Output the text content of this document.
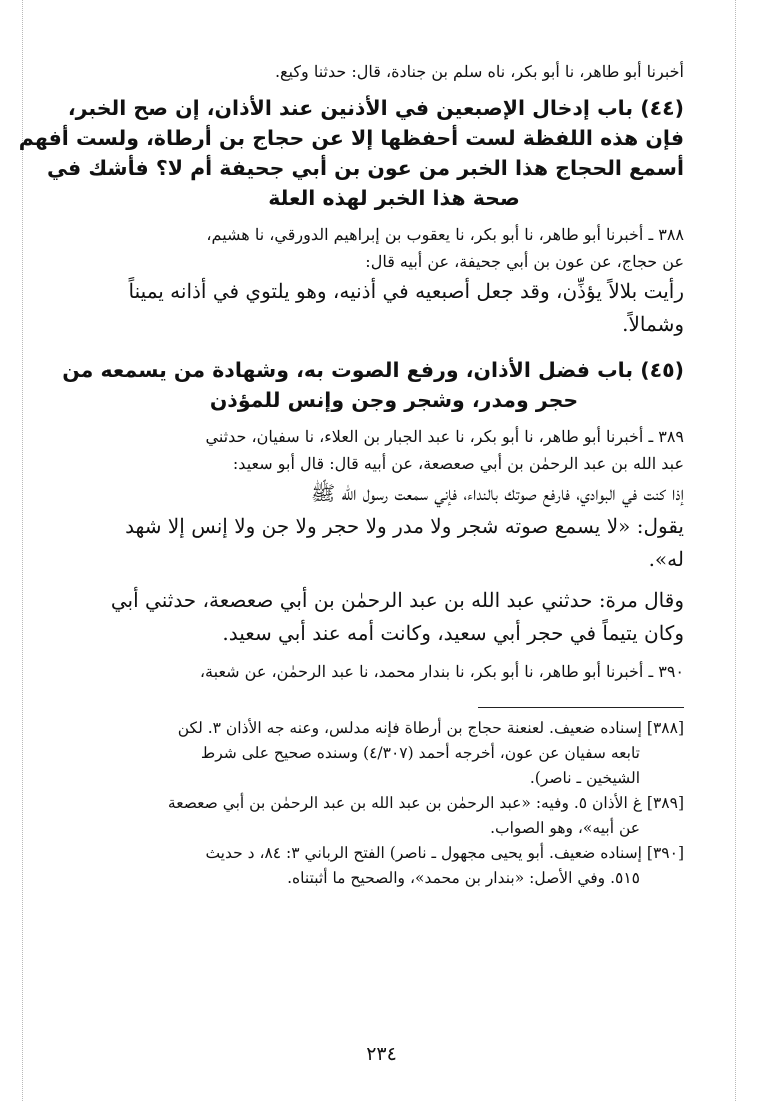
أخبرنا أبو طاهر، نا أبو بكر، ناه سلم بن جنادة، قال: حدثنا وكيع.
(٤٤) باب إدخال الإصبعين في الأذنين عند الأذان، إن صح الخبر،
فإن هذه اللفظة لست أحفظها إلا عن حجاج بن أرطاة، ولست أفهم
أسمع الحجاج هذا الخبر من عون بن أبي جحيفة أم لا؟ فأشك في
صحة هذا الخبر لهذه العلة
٣٨٨ ـ أخبرنا أبو طاهر، نا أبو بكر، نا يعقوب بن إبراهيم الدورقي، نا هشيم،
عن حجاج، عن عون بن أبي جحيفة، عن أبيه قال:
رأيت بلالاً يؤذِّن، وقد جعل أصبعيه في أذنيه، وهو يلتوي في أذانه يميناً
وشمالاً.
(٤٥) باب فضل الأذان، ورفع الصوت به، وشهادة من يسمعه من
حجر ومدر، وشجر وجن وإنس للمؤذن
٣٨٩ ـ أخبرنا أبو طاهر، نا أبو بكر، نا عبد الجبار بن العلاء، نا سفيان، حدثني
عبد الله بن عبد الرحمٰن بن أبي صعصعة، عن أبيه قال: قال أبو سعيد:
إذا كنت في البوادي، فارفع صوتك بالنداء، فإني سمعت رسول الله ﷺ
يقول: «لا يسمع صوته شجر ولا مدر ولا حجر ولا جن ولا إنس إلا شهد
له».
وقال مرة: حدثني عبد الله بن عبد الرحمٰن بن أبي صعصعة، حدثني أبي
وكان يتيماً في حجر أبي سعيد، وكانت أمه عند أبي سعيد.
٣٩٠ ـ أخبرنا أبو طاهر، نا أبو بكر، نا بندار محمد، نا عبد الرحمٰن، عن شعبة،
[٣٨٨] إسناده ضعيف. لعنعنة حجاج بن أرطاة فإنه مدلس، وعنه جه الأذان ٣. لكن
تابعه سفيان عن عون، أخرجه أحمد (٤/٣٠٧) وسنده صحيح على شرط
الشيخين ـ ناصر).
[٣٨٩] غ الأذان ٥. وفيه: «عبد الرحمٰن بن عبد الله بن عبد الرحمٰن بن أبي صعصعة
عن أبيه»، وهو الصواب.
[٣٩٠] إسناده ضعيف. أبو يحيى مجهول ـ ناصر) الفتح الرباني ٣: ٨٤، د حديث
٥١٥. وفي الأصل: «بندار بن محمد»، والصحيح ما أثبتناه.
٢٣٤
